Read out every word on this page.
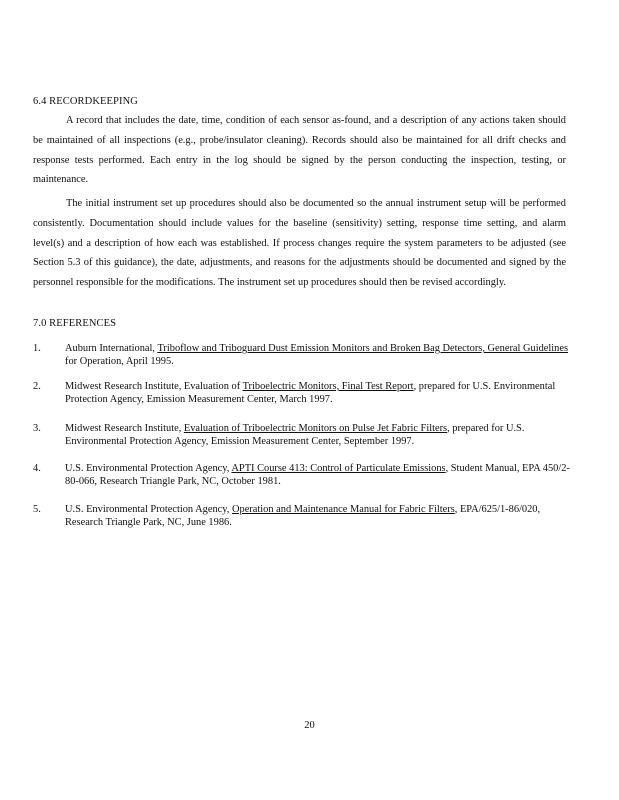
6.4 RECORDKEEPING
A record that includes the date, time, condition of each sensor as-found, and a description of any actions taken should be maintained of all inspections (e.g., probe/insulator cleaning). Records should also be maintained for all drift checks and response tests performed. Each entry in the log should be signed by the person conducting the inspection, testing, or maintenance.
The initial instrument set up procedures should also be documented so the annual instrument setup will be performed consistently. Documentation should include values for the baseline (sensitivity) setting, response time setting, and alarm level(s) and a description of how each was established. If process changes require the system parameters to be adjusted (see Section 5.3 of this guidance), the date, adjustments, and reasons for the adjustments should be documented and signed by the personnel responsible for the modifications. The instrument set up procedures should then be revised accordingly.
7.0 REFERENCES
1.	Auburn International, Triboflow and Triboguard Dust Emission Monitors and Broken Bag Detectors, General Guidelines for Operation, April 1995.
2.	Midwest Research Institute, Evaluation of Triboelectric Monitors, Final Test Report, prepared for U.S. Environmental Protection Agency, Emission Measurement Center, March 1997.
3.	Midwest Research Institute, Evaluation of Triboelectric Monitors on Pulse Jet Fabric Filters, prepared for U.S. Environmental Protection Agency, Emission Measurement Center, September 1997.
4.	U.S. Environmental Protection Agency, APTI Course 413: Control of Particulate Emissions, Student Manual, EPA 450/2-80-066, Research Triangle Park, NC, October 1981.
5.	U.S. Environmental Protection Agency, Operation and Maintenance Manual for Fabric Filters, EPA/625/1-86/020, Research Triangle Park, NC, June 1986.
20
